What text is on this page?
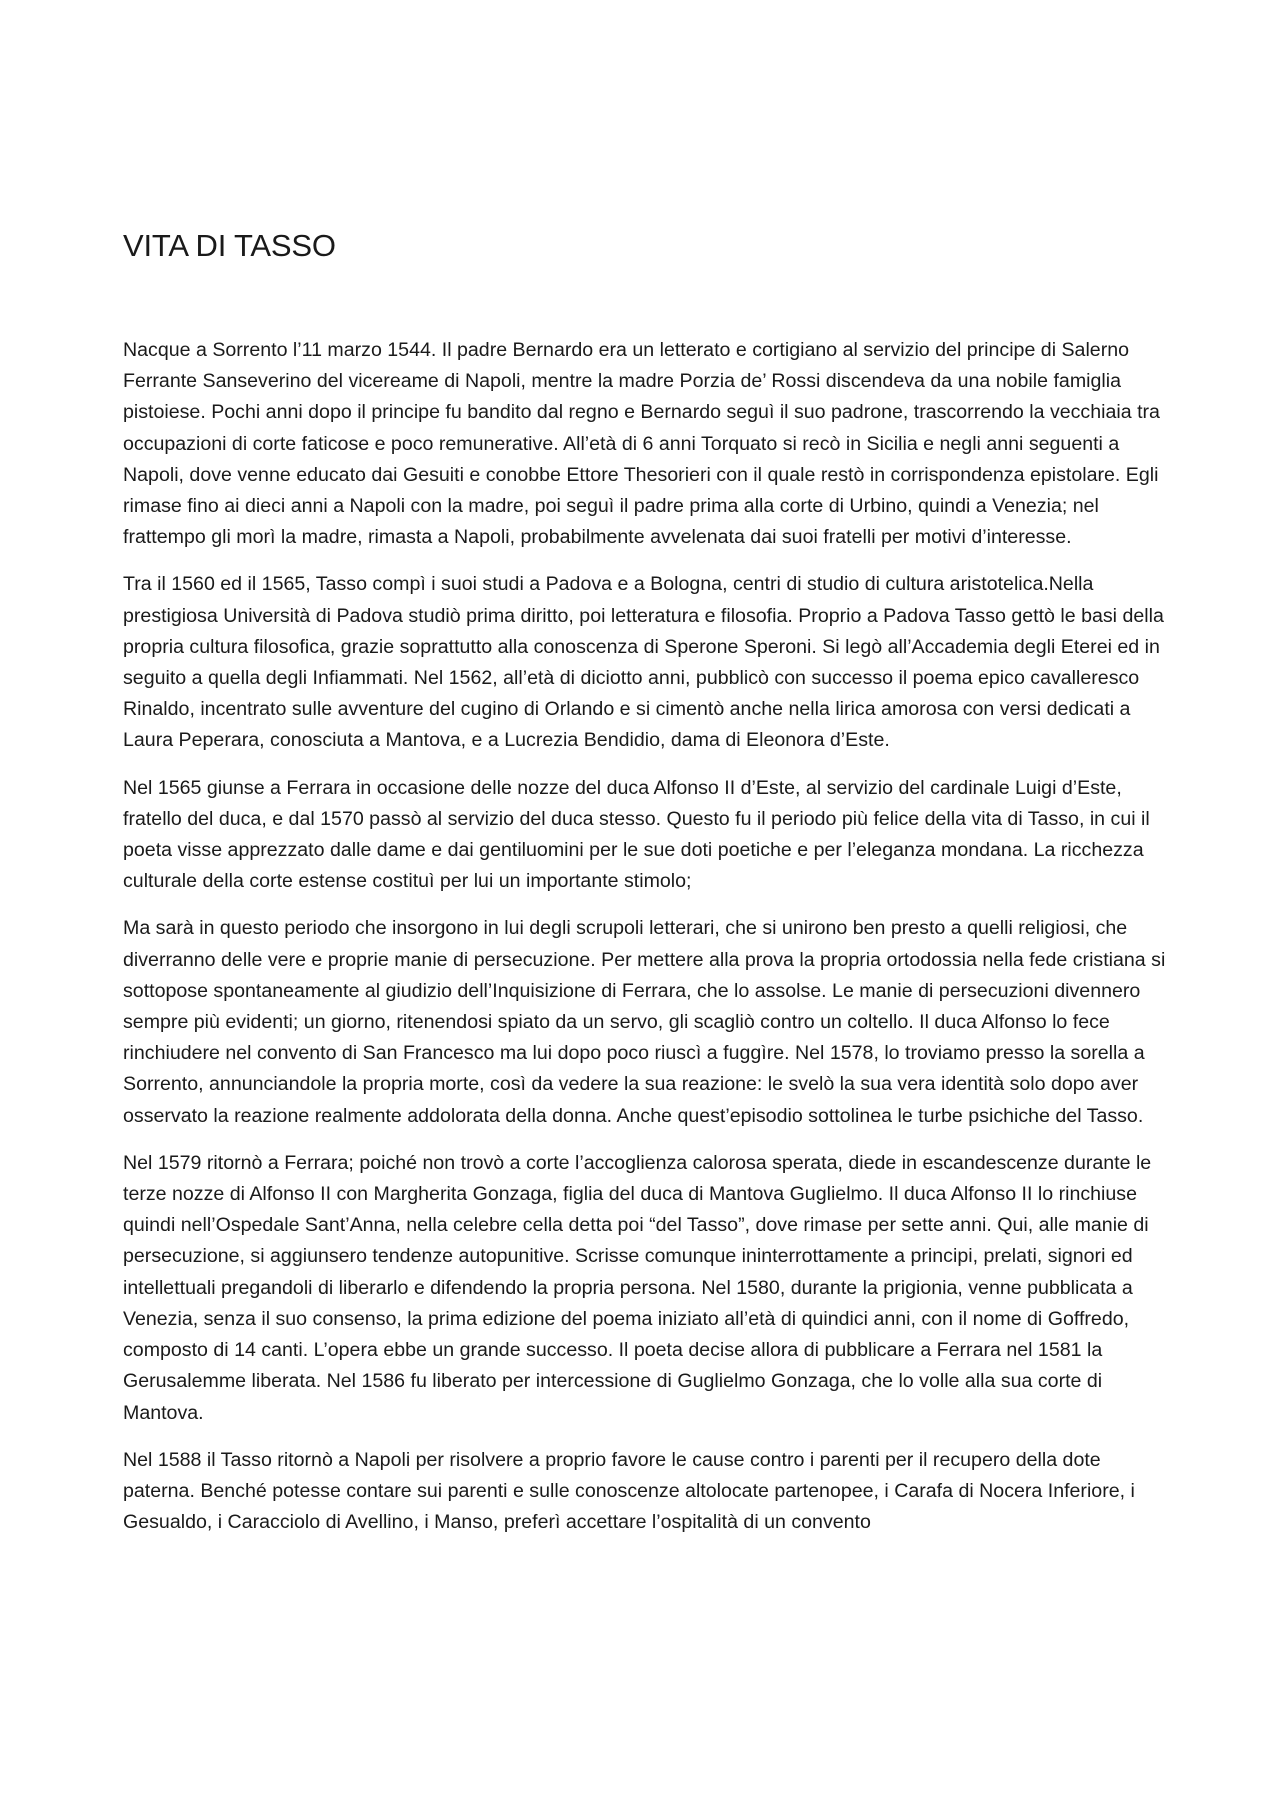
VITA DI TASSO

Nacque a Sorrento l’11 marzo 1544. Il padre Bernardo era un letterato e cortigiano al servizio del principe di Salerno Ferrante Sanseverino del vicereame di Napoli, mentre la madre Porzia de’ Rossi discendeva da una nobile famiglia pistoiese. Pochi anni dopo il principe fu bandito dal regno e Bernardo seguì il suo padrone, trascorrendo la vecchiaia tra occupazioni di corte faticose e poco remunerative. All’età di 6 anni Torquato si recò in Sicilia e negli anni seguenti a Napoli, dove venne educato dai Gesuiti e conobbe Ettore Thesorieri con il quale restò in corrispondenza epistolare. Egli rimase fino ai dieci anni a Napoli con la madre, poi seguì il padre prima alla corte di Urbino, quindi a Venezia; nel frattempo gli morì la madre, rimasta a Napoli, probabilmente avvelenata dai suoi fratelli per motivi d’interesse.

Tra il 1560 ed il 1565, Tasso compì i suoi studi a Padova e a Bologna, centri di studio di cultura aristotelica.Nella prestigiosa Università di Padova studiò prima diritto, poi letteratura e filosofia. Proprio a Padova Tasso gettò le basi della propria cultura filosofica, grazie soprattutto alla conoscenza di Sperone Speroni. Si legò all’Accademia degli Eterei ed in seguito a quella degli Infiammati. Nel 1562, all’età di diciotto anni, pubblicò con successo il poema epico cavalleresco Rinaldo, incentrato sulle avventure del cugino di Orlando e si cimentò anche nella lirica amorosa con versi dedicati a Laura Peperara, conosciuta a Mantova, e a Lucrezia Bendidio, dama di Eleonora d’Este.

Nel 1565 giunse a Ferrara in occasione delle nozze del duca Alfonso II d’Este, al servizio del cardinale Luigi d’Este, fratello del duca, e dal 1570 passò al servizio del duca stesso. Questo fu il periodo più felice della vita di Tasso, in cui il poeta visse apprezzato dalle dame e dai gentiluomini per le sue doti poetiche e per l’eleganza mondana. La ricchezza culturale della corte estense costituì per lui un importante stimolo;

Ma sarà in questo periodo che insorgono in lui degli scrupoli letterari, che si unirono ben presto a quelli religiosi, che diverranno delle vere e proprie manie di persecuzione. Per mettere alla prova la propria ortodossia nella fede cristiana si sottopose spontaneamente al giudizio dell’Inquisizione di Ferrara, che lo assolse. Le manie di persecuzioni divennero sempre più evidenti; un giorno, ritenendosi spiato da un servo, gli scagliò contro un coltello. Il duca Alfonso lo fece rinchiudere nel convento di San Francesco ma lui dopo poco riuscì a fuggìre. Nel 1578, lo troviamo presso la sorella a Sorrento, annunciandole la propria morte, così da vedere la sua reazione: le svelò la sua vera identità solo dopo aver osservato la reazione realmente addolorata della donna. Anche quest’episodio sottolinea le turbe psichiche del Tasso.

Nel 1579 ritornò a Ferrara; poiché non trovò a corte l’accoglienza calorosa sperata, diede in escandescenze durante le terze nozze di Alfonso II con Margherita Gonzaga, figlia del duca di Mantova Guglielmo. Il duca Alfonso II lo rinchiuse quindi nell’Ospedale Sant’Anna, nella celebre cella detta poi “del Tasso”, dove rimase per sette anni. Qui, alle manie di persecuzione, si aggiunsero tendenze autopunitive. Scrisse comunque ininterrottamente a principi, prelati, signori ed intellettuali pregandoli di liberarlo e difendendo la propria persona. Nel 1580, durante la prigionia, venne pubblicata a Venezia, senza il suo consenso, la prima edizione del poema iniziato all’età di quindici anni, con il nome di Goffredo, composto di 14 canti. L’opera ebbe un grande successo. Il poeta decise allora di pubblicare a Ferrara nel 1581 la Gerusalemme liberata. Nel 1586 fu liberato per intercessione di Guglielmo Gonzaga, che lo volle alla sua corte di Mantova.

Nel 1588 il Tasso ritornò a Napoli per risolvere a proprio favore le cause contro i parenti per il recupero della dote paterna. Benché potesse contare sui parenti e sulle conoscenze altolocate partenopee, i Carafa di Nocera Inferiore, i Gesualdo, i Caracciolo di Avellino, i Manso, preferì accettare l’ospitalità di un convento
